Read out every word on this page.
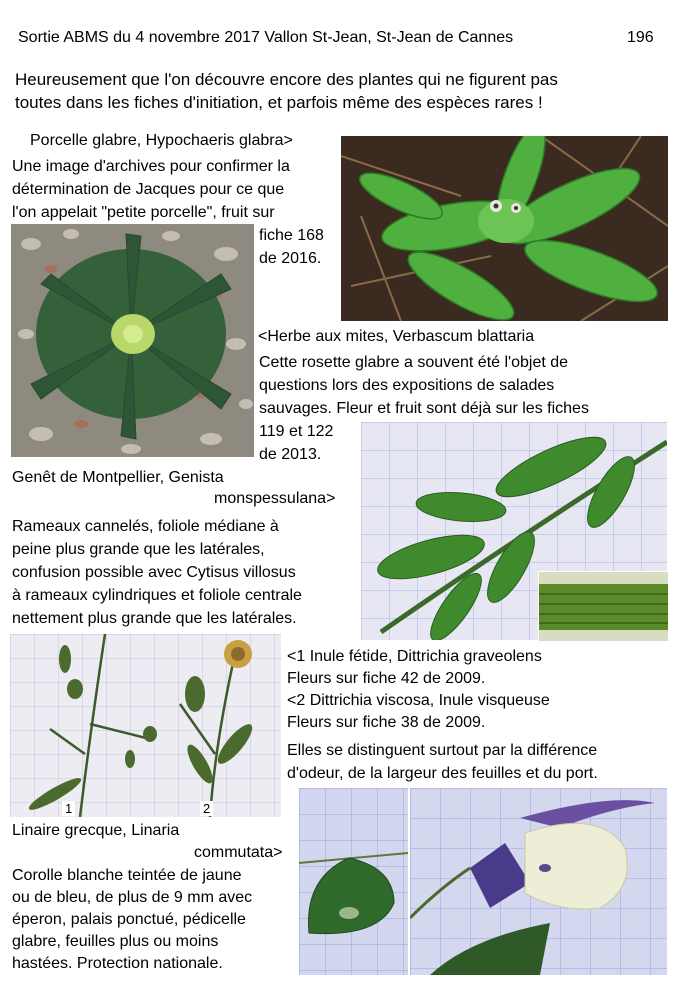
Sortie ABMS du 4 novembre 2017 Vallon St-Jean, St-Jean de Cannes	196
Heureusement que l'on découvre encore des plantes qui ne figurent pas
toutes dans les fiches d'initiation, et parfois même des espèces rares !
Porcelle glabre, Hypochaeris glabra>
Une image d'archives pour confirmer la
détermination de Jacques pour ce que
l'on appelait "petite porcelle", fruit sur
fiche 168
de 2016.
<Herbe aux mites, Verbascum blattaria
Cette rosette glabre a souvent été l'objet de
questions lors des expositions de salades
sauvages. Fleur et fruit sont déjà sur les fiches
119 et 122
de 2013.
Genêt de Montpellier, Genista
monspessulana>
Rameaux cannelés, foliole médiane à
peine plus grande que les latérales,
confusion possible avec Cytisus villosus
à rameaux cylindriques et foliole centrale
nettement plus grande que les latérales.
1	2
<1 Inule fétide, Dittrichia graveolens
Fleurs sur fiche 42 de 2009.
<2 Dittrichia viscosa, Inule visqueuse
Fleurs sur fiche 38 de 2009.
Elles se distinguent surtout par la différence
d'odeur, de la largeur des feuilles et du port.
Linaire grecque, Linaria
commutata>
Corolle blanche teintée de jaune
ou de bleu, de plus de 9 mm avec
éperon, palais ponctué, pédicelle
glabre, feuilles plus ou moins
hastées. Protection nationale.
